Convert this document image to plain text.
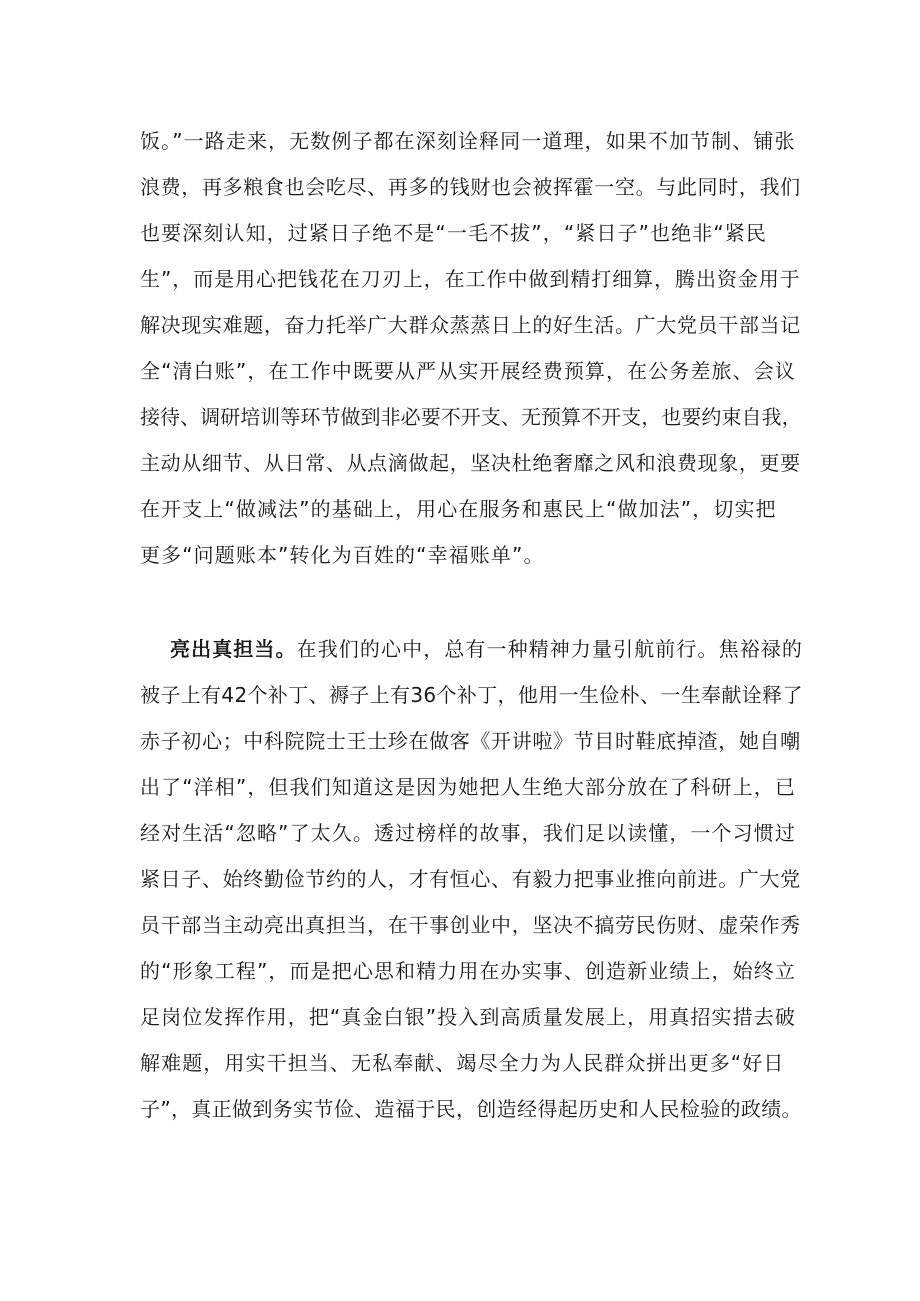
饭。”一路走来，无数例子都在深刻诠释同一道理，如果不加节制、铺张
浪费，再多粮食也会吃尽、再多的钱财也会被挥霍一空。与此同时，我们
也要深刻认知，过紧日子绝不是“一毛不拔”，“紧日子”也绝非“紧民
生”，而是用心把钱花在刀刃上，在工作中做到精打细算，腾出资金用于
解决现实难题，奋力托举广大群众蒸蒸日上的好生活。广大党员干部当记
全“清白账”，在工作中既要从严从实开展经费预算，在公务差旅、会议
接待、调研培训等环节做到非必要不开支、无预算不开支，也要约束自我，
主动从细节、从日常、从点滴做起，坚决杜绝奢靡之风和浪费现象，更要
在开支上“做减法”的基础上，用心在服务和惠民上“做加法”，切实把
更多“问题账本”转化为百姓的“幸福账单”。
亮出真担当。在我们的心中，总有一种精神力量引航前行。焦裕禄的
被子上有42个补丁、褥子上有36个补丁，他用一生俭朴、一生奉献诠释了
赤子初心；中科院院士王士珍在做客《开讲啦》节目时鞋底掉渣，她自嘲
出了“洋相”，但我们知道这是因为她把人生绝大部分放在了科研上，已
经对生活“忽略”了太久。透过榜样的故事，我们足以读懂，一个习惯过
紧日子、始终勤俭节约的人，才有恒心、有毅力把事业推向前进。广大党
员干部当主动亮出真担当，在干事创业中，坚决不搞劳民伤财、虚荣作秀
的“形象工程”，而是把心思和精力用在办实事、创造新业绩上，始终立
足岗位发挥作用，把“真金白银”投入到高质量发展上，用真招实措去破
解难题，用实干担当、无私奉献、竭尽全力为人民群众拼出更多“好日
子”，真正做到务实节俭、造福于民，创造经得起历史和人民检验的政绩。
